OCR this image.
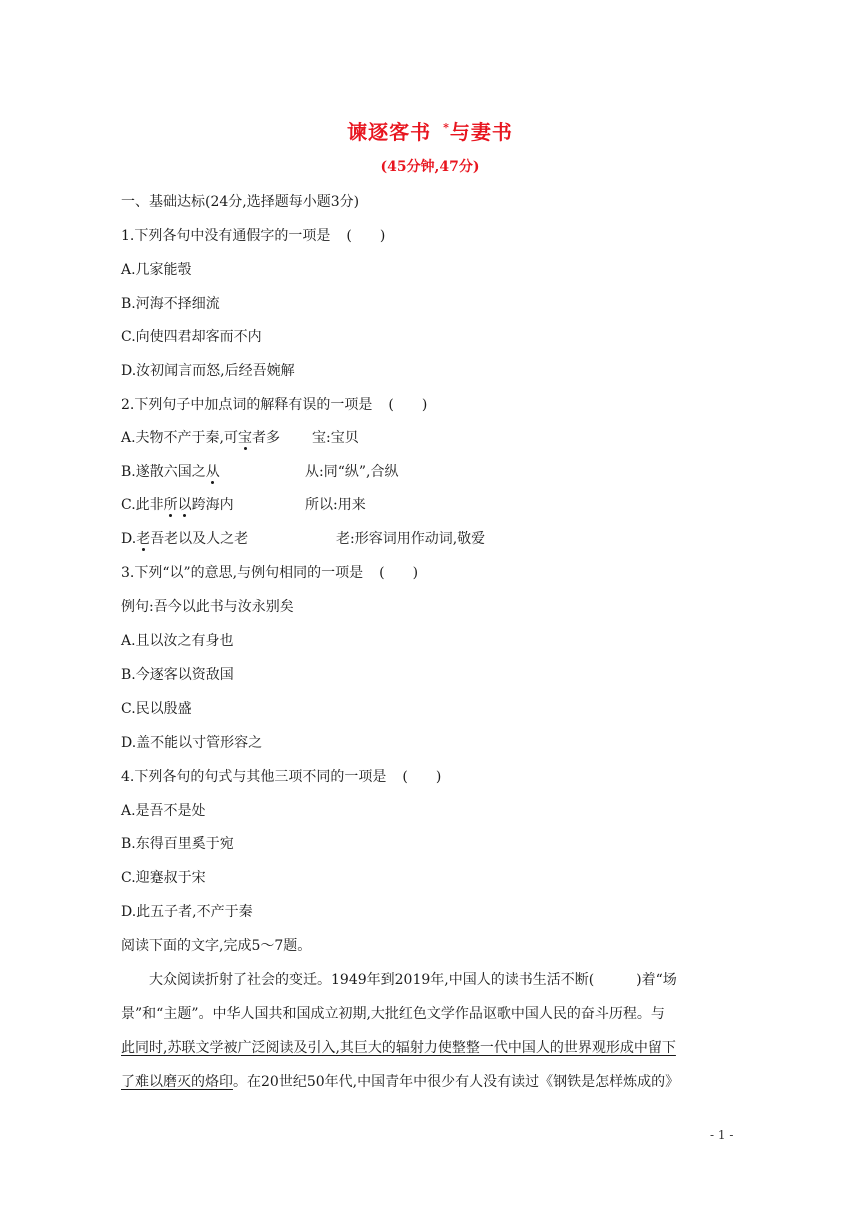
谏逐客书 *与妻书
(45分钟,47分)
一、基础达标(24分,选择题每小题3分)
1.下列各句中没有通假字的一项是 (　　)
A.几家能彀
B.河海不择细流
C.向使四君却客而不内
D.汝初闻言而怒,后经吾婉解
2.下列句子中加点词的解释有误的一项是 (　　)
A.夫物不产于秦,可宝者多 宝:宝贝
B.遂散六国之从	从:同“纵”,合纵
C.此非所以跨海内	所以:用来
D.老吾老以及人之老	老:形容词用作动词,敬爱
3.下列“以”的意思,与例句相同的一项是 (　　)
例句:吾今以此书与汝永别矣
A.且以汝之有身也
B.今逐客以资敌国
C.民以殷盛
D.盖不能以寸管形容之
4.下列各句的句式与其他三项不同的一项是 (　　)
A.是吾不是处
B.东得百里奚于宛
C.迎蹇叔于宋
D.此五子者,不产于秦
阅读下面的文字,完成5～7题。
大众阅读折射了社会的变迁。1949年到2019年,中国人的读书生活不断(　　　)着“场
景”和“主题”。中华人国共和国成立初期,大批红色文学作品讴歌中国人民的奋斗历程。与
此同时,苏联文学被广泛阅读及引入,其巨大的辐射力使整整一代中国人的世界观形成中留下
了难以磨灭的烙印。在20世纪50年代,中国青年中很少有人没有读过《钢铁是怎样炼成的》
- 1 -
